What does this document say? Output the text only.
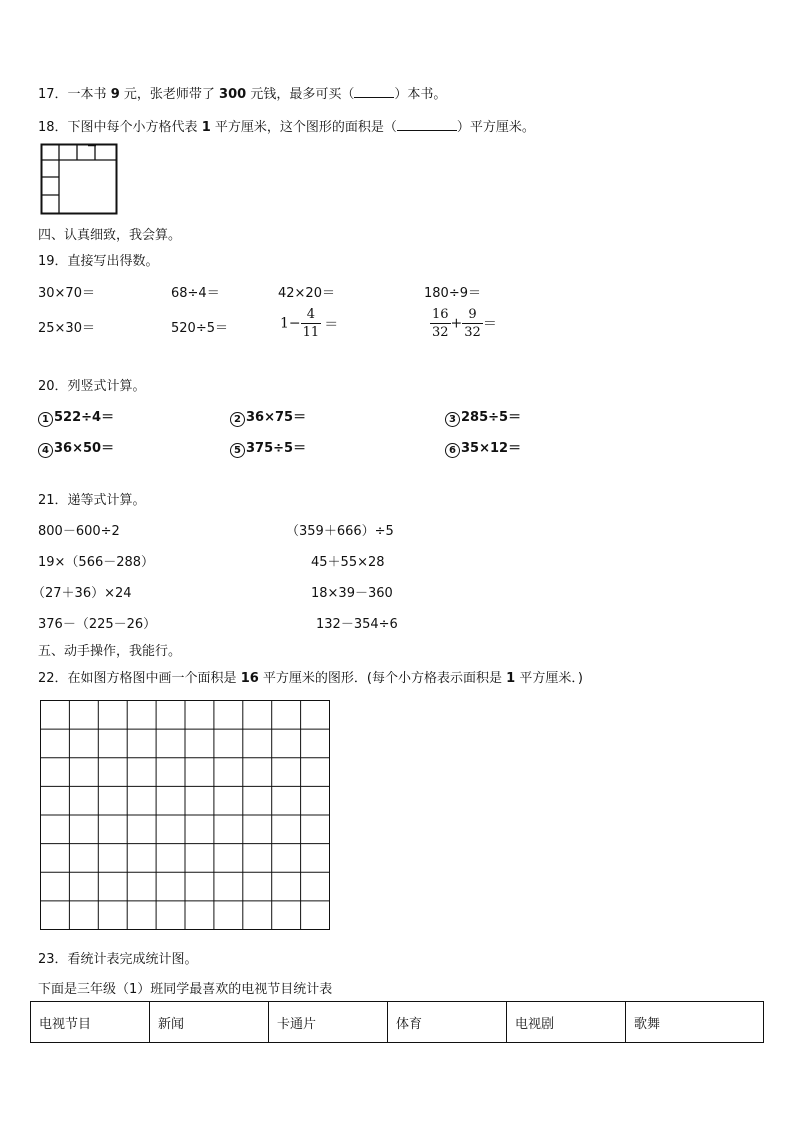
17．一本书 9 元，张老师带了 300 元钱，最多可买（	）本书。
18．下图中每个小方格代表 1 平方厘米，这个图形的面积是（	）平方厘米。
四、认真细致，我会算。
19．直接写出得数。
30×70＝	68÷4＝	42×20＝	180÷9＝
25×30＝	520÷5＝	$1- \frac{4}{11}$ ＝	$\frac{16}{32} + \frac{9}{32}$ ＝
20．列竖式计算。
1 522÷4＝	2 36×75＝	3 285÷5＝
4 36×50＝	5 375÷5＝	6 35×12＝
21．递等式计算。
800－600÷2	（359＋666）÷5
19×（566－288）	45＋55×28
（27＋36）×24	18×39－360
376－（225－26）	132－354÷6
五、动手操作，我能行。
22．在如图方格图中画一个面积是 16 平方厘米的图形．(每个小方格表示面积是 1 平方厘米．)
23．看统计表完成统计图。
下面是三年级（1）班同学最喜欢的电视节目统计表
电视节目	新闻	卡通片	体育	电视剧	歌舞
